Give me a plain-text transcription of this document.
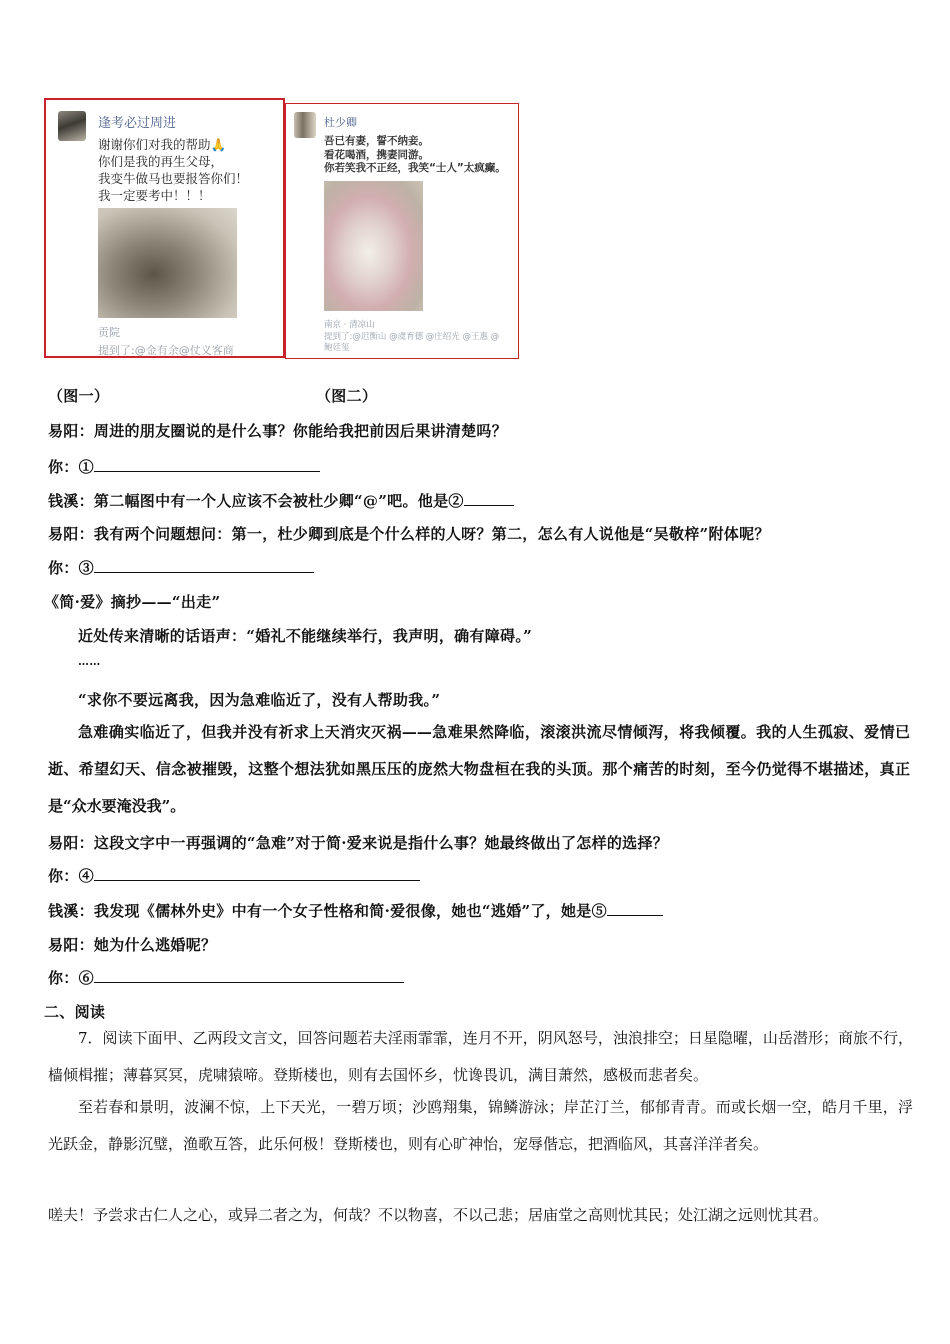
逢考必过周进
谢谢你们对我的帮助🙏
你们是我的再生父母，
我变牛做马也要报答你们！
我一定要考中！！！
贡院
提到了:@金有余@仗义客商
杜少卿
吾已有妻，誓不纳妾。
看花喝酒，携妻同游。
你若笑我不正经，我笑“士人”太疯癫。
南京 · 清凉山
提到了:@迟衡山 @虞育德 @庄绍光 @王惠 @鲍廷玺
（图一）	（图二）
易阳：周进的朋友圈说的是什么事？你能给我把前因后果讲清楚吗？
你：①
钱溪：第二幅图中有一个人应该不会被杜少卿“@”吧。他是②
易阳：我有两个问题想问：第一，杜少卿到底是个什么样的人呀？第二，怎么有人说他是“吴敬梓”附体呢？
你：③
《简·爱》摘抄——“出走”
近处传来清晰的话语声：“婚礼不能继续举行，我声明，确有障碍。”
……
“求你不要远离我，因为急难临近了，没有人帮助我。”
急难确实临近了，但我并没有祈求上天消灾灭祸——急难果然降临，滚滚洪流尽情倾泻，将我倾覆。我的人生孤寂、爱情已逝、希望幻天、信念被摧毁，这整个想法犹如黑压压的庞然大物盘桓在我的头顶。那个痛苦的时刻，至今仍觉得不堪描述，真正是“众水要淹没我”。
易阳：这段文字中一再强调的“急难”对于简·爱来说是指什么事？她最终做出了怎样的选择？
你：④
钱溪：我发现《儒林外史》中有一个女子性格和简·爱很像，她也“逃婚”了，她是⑤
易阳：她为什么逃婚呢？
你：⑥
二、阅读
7．阅读下面甲、乙两段文言文，回答问题若夫淫雨霏霏，连月不开，阴风怒号，浊浪排空；日星隐曜，山岳潜形；商旅不行，樯倾楫摧；薄暮冥冥，虎啸猿啼。登斯楼也，则有去国怀乡，忧谗畏讥，满目萧然，感极而悲者矣。
至若春和景明，波澜不惊，上下天光，一碧万顷；沙鸥翔集，锦鳞游泳；岸芷汀兰，郁郁青青。而或长烟一空，皓月千里，浮光跃金，静影沉璧，渔歌互答，此乐何极！登斯楼也，则有心旷神怡，宠辱偕忘，把酒临风，其喜洋洋者矣。
嗟夫！予尝求古仁人之心，或异二者之为，何哉？不以物喜，不以己悲；居庙堂之高则忧其民；处江湖之远则忧其君。
